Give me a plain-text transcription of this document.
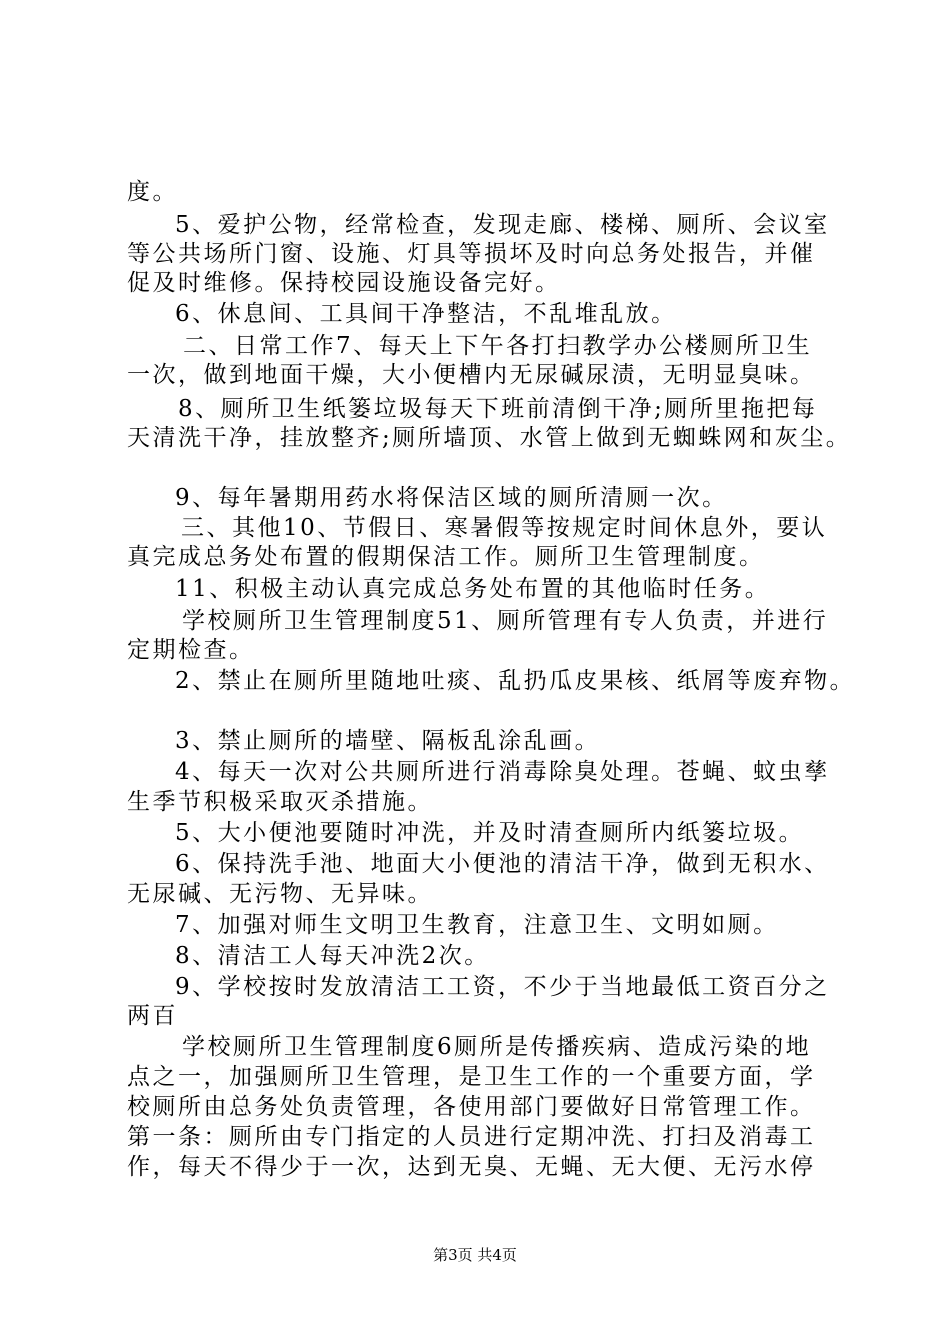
度。
5、爱护公物，经常检查，发现走廊、楼梯、厕所、会议室
等公共场所门窗、设施、灯具等损坏及时向总务处报告，并催
促及时维修。保持校园设施设备完好。
6、休息间、工具间干净整洁，不乱堆乱放。
二、日常工作7、每天上下午各打扫教学办公楼厕所卫生
一次，做到地面干燥，大小便槽内无尿碱尿渍，无明显臭味。
8、厕所卫生纸篓垃圾每天下班前清倒干净;厕所里拖把每
天清洗干净，挂放整齐;厕所墙顶、水管上做到无蜘蛛网和灰尘。
9、每年暑期用药水将保洁区域的厕所清厕一次。
三、其他10、节假日、寒暑假等按规定时间休息外，要认
真完成总务处布置的假期保洁工作。厕所卫生管理制度。
11、积极主动认真完成总务处布置的其他临时任务。
学校厕所卫生管理制度51、厕所管理有专人负责，并进行
定期检查。
2、禁止在厕所里随地吐痰、乱扔瓜皮果核、纸屑等废弃物。
3、禁止厕所的墙壁、隔板乱涂乱画。
4、每天一次对公共厕所进行消毒除臭处理。苍蝇、蚊虫孳
生季节积极采取灭杀措施。
5、大小便池要随时冲洗，并及时清查厕所内纸篓垃圾。
6、保持洗手池、地面大小便池的清洁干净，做到无积水、
无尿碱、无污物、无异味。
7、加强对师生文明卫生教育，注意卫生、文明如厕。
8、清洁工人每天冲洗2次。
9、学校按时发放清洁工工资，不少于当地最低工资百分之
两百
学校厕所卫生管理制度6厕所是传播疾病、造成污染的地
点之一，加强厕所卫生管理，是卫生工作的一个重要方面，学
校厕所由总务处负责管理，各使用部门要做好日常管理工作。
第一条：厕所由专门指定的人员进行定期冲洗、打扫及消毒工
作，每天不得少于一次，达到无臭、无蝇、无大便、无污水停
第3页 共4页
